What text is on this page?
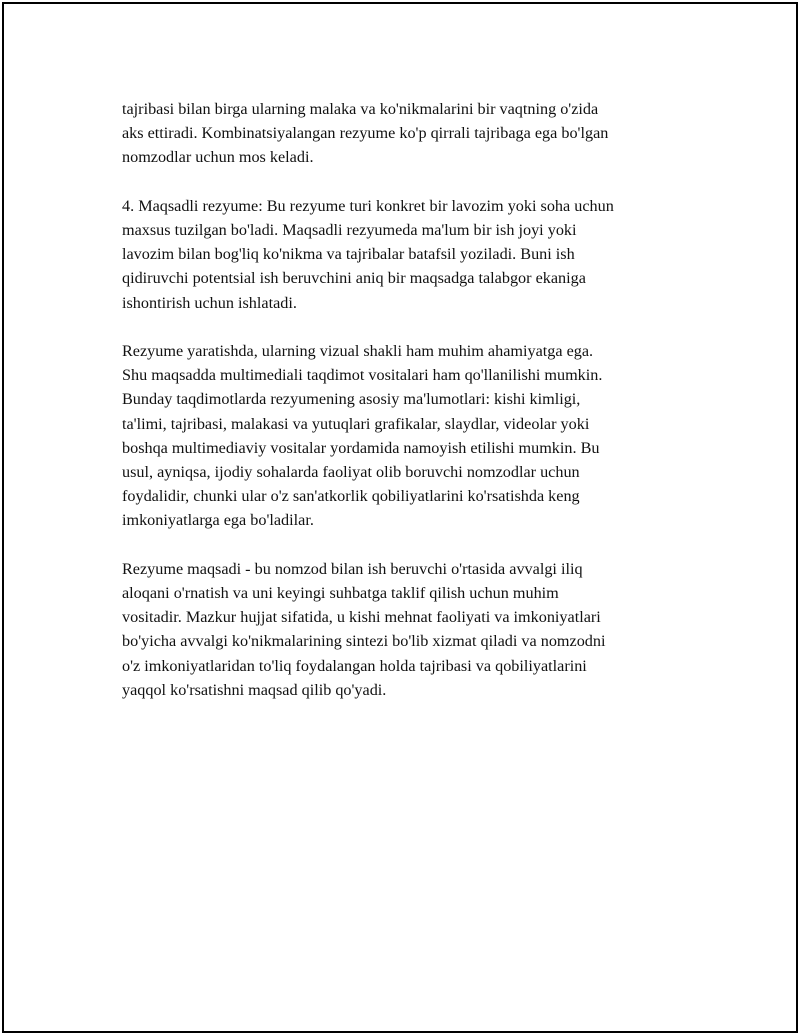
tajribasi bilan birga ularning malaka va ko'nikmalarini bir vaqtning o'zida
aks ettiradi. Kombinatsiyalangan rezyume ko'p qirrali tajribaga ega bo'lgan
nomzodlar uchun mos keladi.

4. Maqsadli rezyume: Bu rezyume turi konkret bir lavozim yoki soha uchun
maxsus tuzilgan bo'ladi. Maqsadli rezyumeda ma'lum bir ish joyi yoki
lavozim bilan bog'liq ko'nikma va tajribalar batafsil yoziladi. Buni ish
qidiruvchi potentsial ish beruvchini aniq bir maqsadga talabgor ekaniga
ishontirish uchun ishlatadi.

Rezyume yaratishda, ularning vizual shakli ham muhim ahamiyatga ega.
Shu maqsadda multimediali taqdimot vositalari ham qo'llanilishi mumkin.
Bunday taqdimotlarda rezyumening asosiy ma'lumotlari: kishi kimligi,
ta'limi, tajribasi, malakasi va yutuqlari grafikalar, slaydlar, videolar yoki
boshqa multimediaviy vositalar yordamida namoyish etilishi mumkin. Bu
usul, ayniqsa, ijodiy sohalarda faoliyat olib boruvchi nomzodlar uchun
foydalidir, chunki ular o'z san'atkorlik qobiliyatlarini ko'rsatishda keng
imkoniyatlarga ega bo'ladilar.

Rezyume maqsadi - bu nomzod bilan ish beruvchi o'rtasida avvalgi iliq
aloqani o'rnatish va uni keyingi suhbatga taklif qilish uchun muhim
vositadir. Mazkur hujjat sifatida, u kishi mehnat faoliyati va imkoniyatlari
bo'yicha avvalgi ko'nikmalarining sintezi bo'lib xizmat qiladi va nomzodni
o'z imkoniyatlaridan to'liq foydalangan holda tajribasi va qobiliyatlarini
yaqqol ko'rsatishni maqsad qilib qo'yadi.
